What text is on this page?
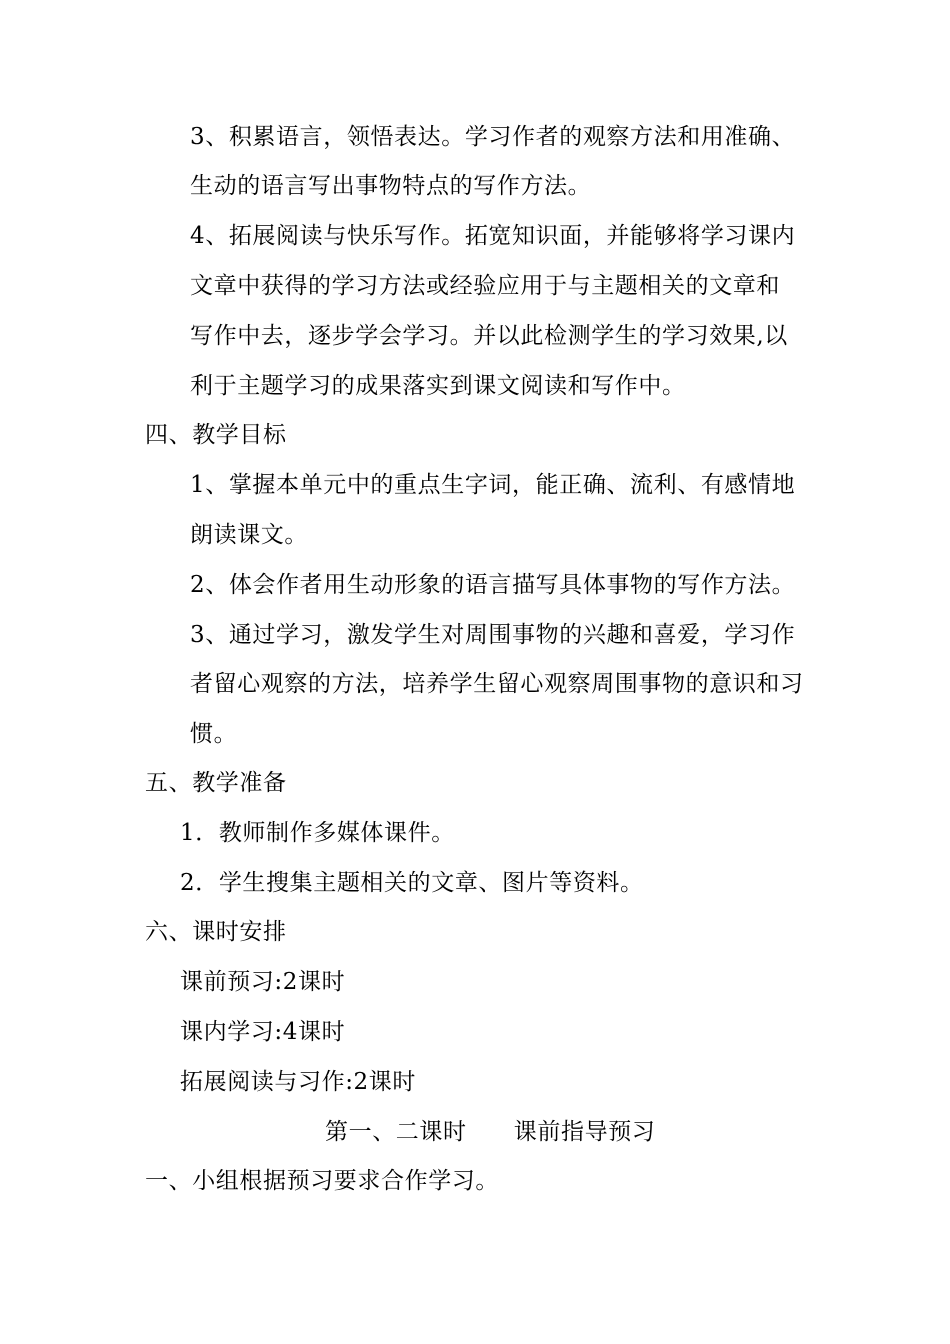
3、积累语言，领悟表达。学习作者的观察方法和用准确、
生动的语言写出事物特点的写作方法。
4、拓展阅读与快乐写作。拓宽知识面，并能够将学习课内
文章中获得的学习方法或经验应用于与主题相关的文章和
写作中去，逐步学会学习。并以此检测学生的学习效果,以
利于主题学习的成果落实到课文阅读和写作中。
四、教学目标
1、掌握本单元中的重点生字词，能正确、流利、有感情地
朗读课文。
2、体会作者用生动形象的语言描写具体事物的写作方法。
3、通过学习，激发学生对周围事物的兴趣和喜爱，学习作
者留心观察的方法，培养学生留心观察周围事物的意识和习
惯。
五、教学准备
1．教师制作多媒体课件。
2．学生搜集主题相关的文章、图片等资料。
六、课时安排
课前预习:2课时
课内学习:4课时
拓展阅读与习作:2课时
第一、二课时　　课前指导预习
一、小组根据预习要求合作学习。
